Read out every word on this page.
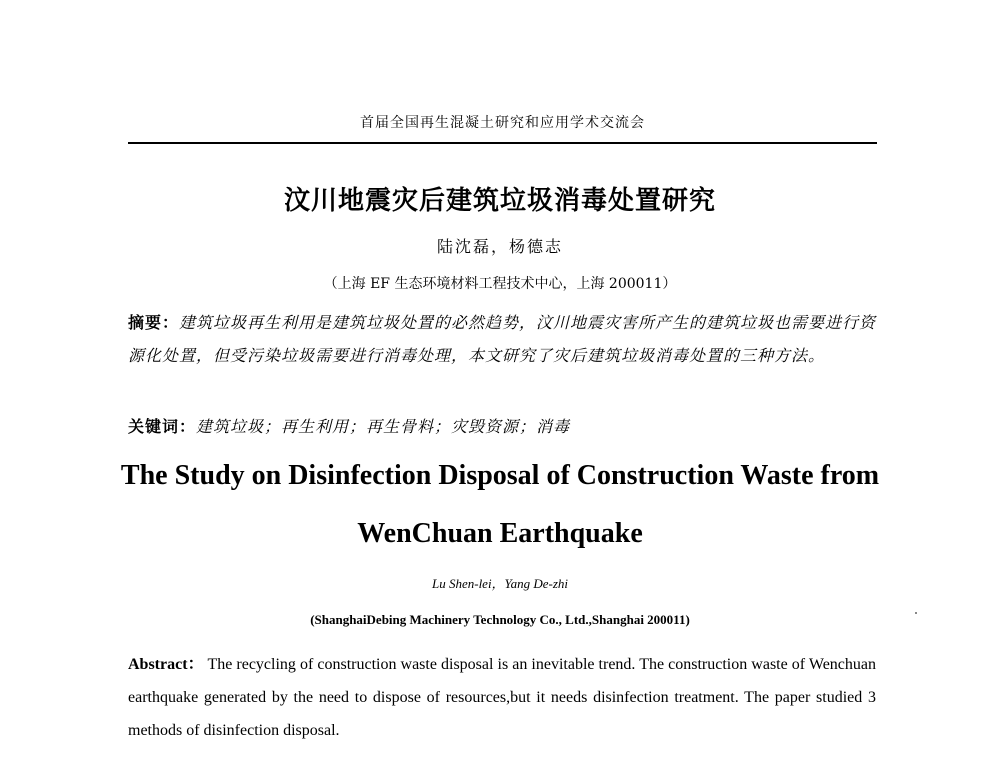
首届全国再生混凝土研究和应用学术交流会
汶川地震灾后建筑垃圾消毒处置研究
陆沈磊，杨德志
（上海 EF 生态环境材料工程技术中心，上海 200011）
摘要：建筑垃圾再生利用是建筑垃圾处置的必然趋势，汶川地震灾害所产生的建筑垃圾也需要进行资源化处置，但受污染垃圾需要进行消毒处理，本文研究了灾后建筑垃圾消毒处置的三种方法。
关键词：建筑垃圾；再生利用；再生骨料；灾毁资源；消毒
The Study on Disinfection Disposal of Construction Waste from
WenChuan Earthquake
Lu Shen-lei，Yang De-zhi
(ShanghaiDebing Machinery Technology Co., Ltd.,Shanghai 200011)
Abstract： The recycling of construction waste disposal is an inevitable trend. The construction waste of Wenchuan earthquake generated by the need to dispose of resources,but it needs disinfection treatment. The paper studied 3 methods of disinfection disposal.
